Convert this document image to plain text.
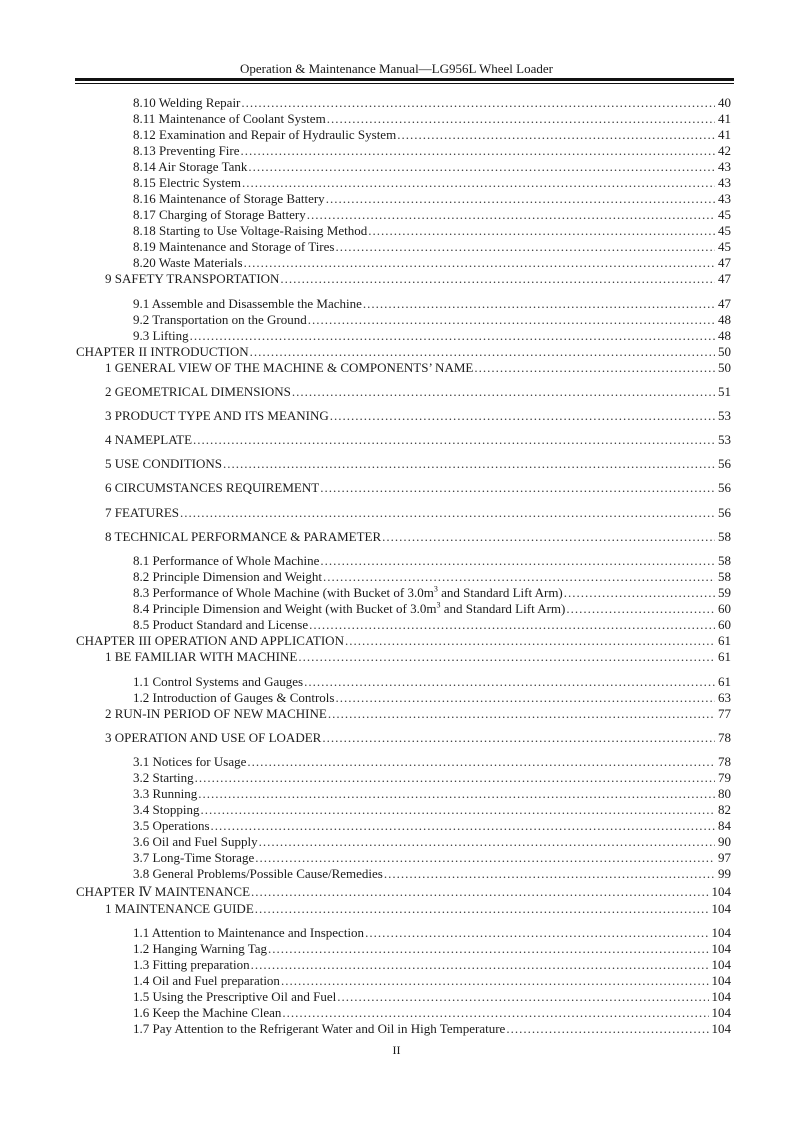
Operation & Maintenance Manual—LG956L Wheel Loader
8.10 Welding Repair .....	40
8.11 Maintenance of Coolant System .....	41
8.12 Examination and Repair of Hydraulic System .....	41
8.13 Preventing Fire .....	42
8.14 Air Storage Tank .....	43
8.15 Electric System .....	43
8.16 Maintenance of Storage Battery .....	43
8.17 Charging of Storage Battery .....	45
8.18 Starting to Use Voltage-Raising Method .....	45
8.19 Maintenance and Storage of Tires .....	45
8.20 Waste Materials .....	47
9 SAFETY TRANSPORTATION .....	47
9.1 Assemble and Disassemble the Machine .....	47
9.2 Transportation on the Ground .....	48
9.3 Lifting .....	48
CHAPTER II INTRODUCTION .....	50
1 GENERAL VIEW OF THE MACHINE & COMPONENTS’ NAME .....	50
2 GEOMETRICAL DIMENSIONS .....	51
3 PRODUCT TYPE AND ITS MEANING .....	53
4 NAMEPLATE .....	53
5 USE CONDITIONS .....	56
6 CIRCUMSTANCES REQUIREMENT .....	56
7 FEATURES .....	56
8 TECHNICAL PERFORMANCE & PARAMETER .....	58
8.1 Performance of Whole Machine .....	58
8.2 Principle Dimension and Weight .....	58
8.3 Performance of Whole Machine (with Bucket of $3.0m^3$ and Standard Lift Arm) .....	59
8.4 Principle Dimension and Weight (with Bucket of $3.0m^3$ and Standard Lift Arm) .....	60
8.5 Product Standard and License .....	60
CHAPTER III OPERATION AND APPLICATION .....	61
1 BE FAMILIAR WITH MACHINE .....	61
1.1 Control Systems and Gauges .....	61
1.2 Introduction of Gauges & Controls .....	63
2 RUN-IN PERIOD OF NEW MACHINE .....	77
3 OPERATION AND USE OF LOADER .....	78
3.1 Notices for Usage .....	78
3.2 Starting .....	79
3.3 Running .....	80
3.4 Stopping .....	82
3.5 Operations .....	84
3.6 Oil and Fuel Supply .....	90
3.7 Long-Time Storage .....	97
3.8 General Problems/Possible Cause/Remedies .....	99
CHAPTER Ⅳ MAINTENANCE .....	104
1 MAINTENANCE GUIDE .....	104
1.1 Attention to Maintenance and Inspection .....	104
1.2 Hanging Warning Tag .....	104
1.3 Fitting preparation .....	104
1.4 Oil and Fuel preparation .....	104
1.5 Using the Prescriptive Oil and Fuel .....	104
1.6 Keep the Machine Clean .....	104
1.7 Pay Attention to the Refrigerant Water and Oil in High Temperature .....	104
II
